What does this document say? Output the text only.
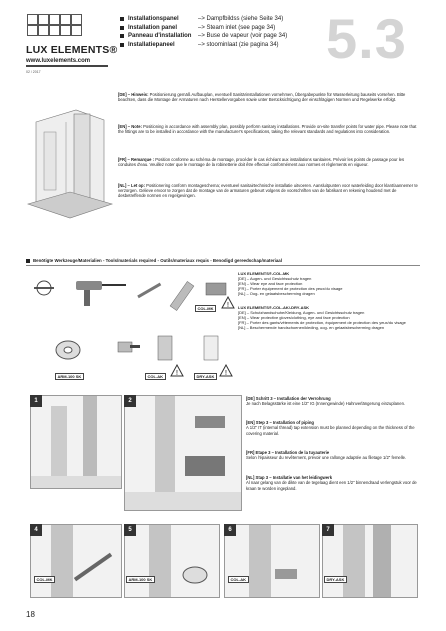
LUX ELEMENTS®
www.luxelements.com
02 / 2017
Installationspanel	–> Dampfbildss (siehe Seite 34)
Installation panel	–> Steam inlet (see page 34)
Panneau d'installation	–> Buse de vapeur (voir page 34)
Installatiepaneel	–> stoominlaat (zie pagina 34) 5.3
[DE] – Hinweis: Positionierung gemäß Aufbauplan, eventuell Sanitärinstallationen vornehmen, Übergabepunkte für Wasserleitung bauseits vorsehen. Bitte beachten, dass die Montage der Armaturen nach Herstellervorgaben sowie unter Berücksichtigung der einschlägigen Normen und Regelwerke erfolgt.
[EN] – Note: Positioning in accordance with assembly plan, possibly perform sanitary installations. Provide on-site transfer points for water pipe. Please note that the fittings are to be installed in accordance with the manufacturer's specifications, taking the relevant standards and regulations into consideration.
[FR] – Remarque : Position conforme au schéma de montage, procéder le cas échéant aux installations sanitaires. Prévoir les points de passage pour les conduites d'eau. Veuillez noter que le montage de la robinetterie doit être effectué conformément aux normes et règlements en vigueur.
[NL] – Let op: Positionering conform montageschema; eventueel sanitairtechnische installatie uitvoeren. Aansluitpunten voor waterleiding door klant/aannemer te verzorgen. Gelieve ervoor te zorgen dat de montage van de armaturen gebeurt volgens de voorschriften van de fabrikant en rekening houdend met de desbetreffende normen en regelgevingen.
Benötigte Werkzeuge/Materialien - Tools/materials required - Outils/materiaux requis - Benodigd gereedschap/materiaal
COL-MK	!
ARM-100 SK	COL-AK	!	DRY-ASK	!
LUX ELEMENTS®-COL-MK
[DE] – Augen- und Gesichtsschutz tragen
[EN] – Wear eye and face protection
[FR] – Porter équipement de protection des yeux/du visage
[NL] – Oog- en gelaatsbescherming dragen
LUX ELEMENTS®-COL-AK/-DRY-ASK
[DE] – Schutzhandschuhe/Kleidung, Augen- und Gesichtsschutz tragen
[EN] – Wear protective gloves/clothing, eye and face protection
[FR] – Porter des gants/vêtements de protection, équipement de protection des yeux/du visage
[NL] – Beschermende handschoenen/kleding, oog- en gelaatsbescherming dragen
1	2	[DE] Schritt 3 – Installation der Verrohrung
Je nach Belagsstärke ist eine 1/2" IG (Innengewinde) Hahnverlängerung einzuplanen.
[EN] Step 3 – Installation of piping
A 1/2" IT (internal thread) tap extension must be planned depending on the thickness of the covering material.
[FR] Etape 3 – Installation de la tuyauterie
Selon l'épaisseur du revêtement, prévoir une rallonge adaptée au filetage 1/2" femelle.
[NL] Stap 3 – Installatie van het leidingwerk
Al naar gelang van de dikte van de tegelaag dient een 1/2" binnendraad verlengstuk voor de kraan te worden ingepland.
4
COL-MK
5
ARM-100 SK
6
COL-AK
7
DRY-ASK
18
